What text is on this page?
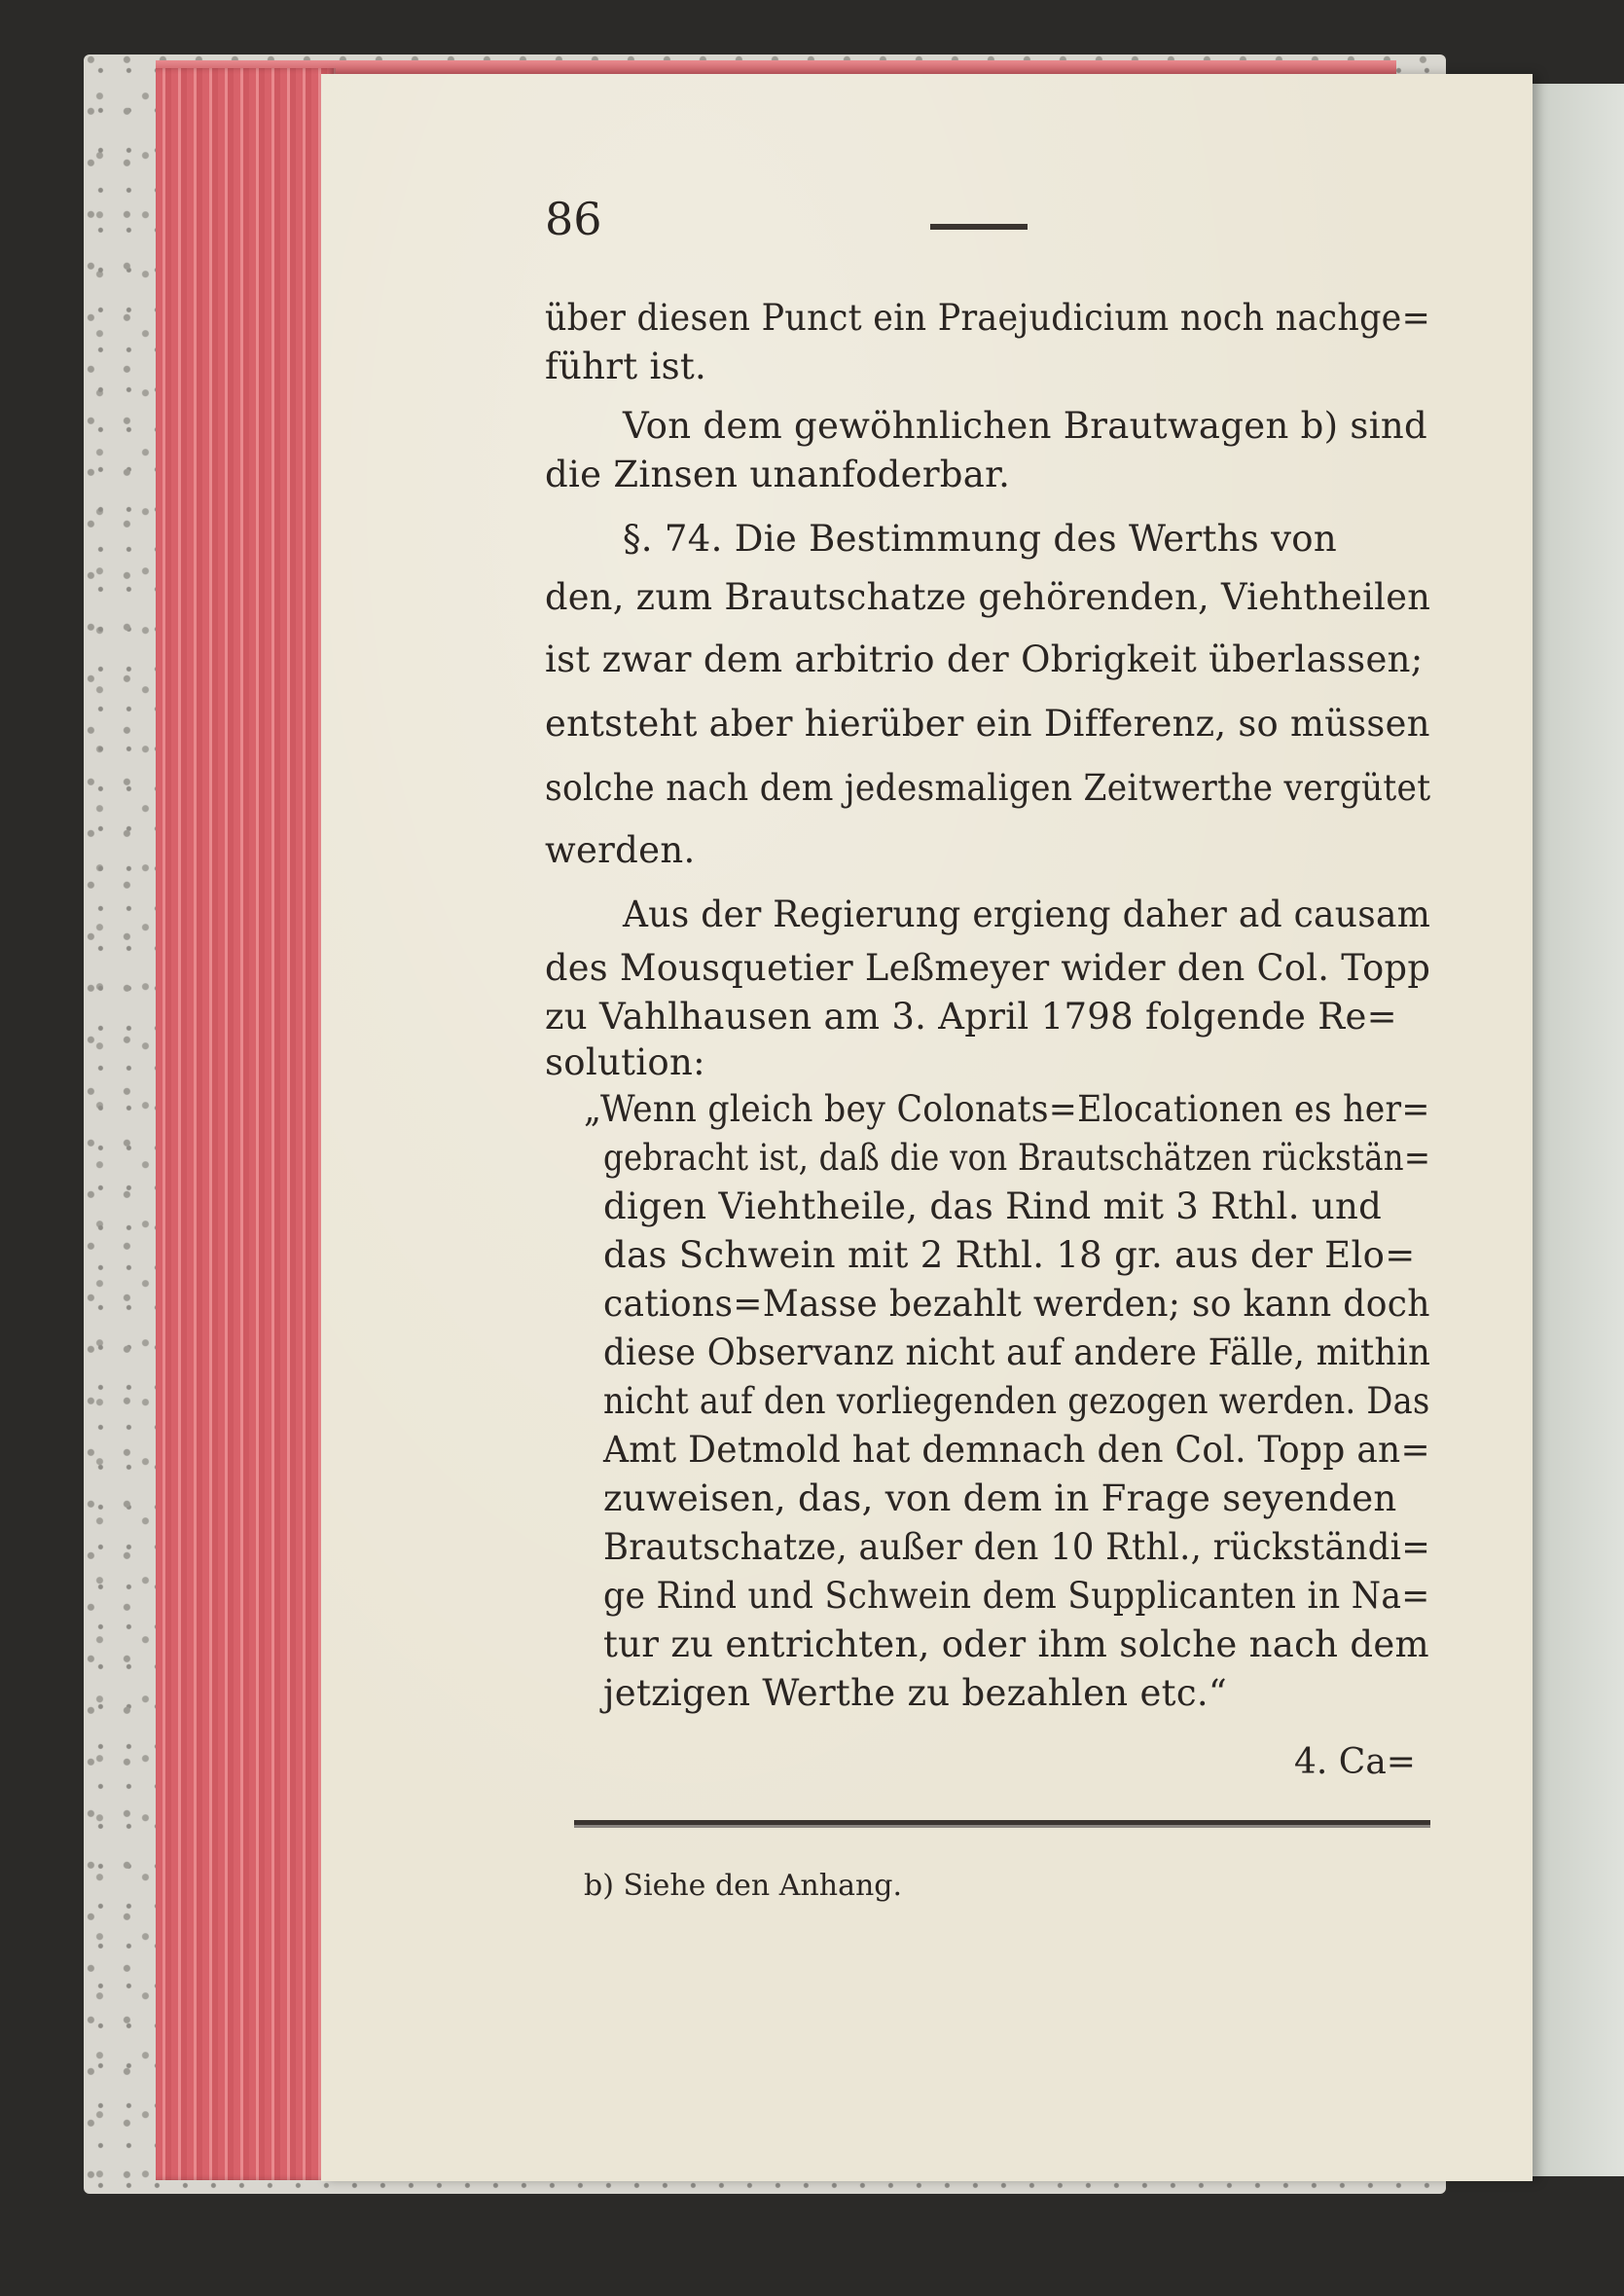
86
über diesen Punct ein Praejudicium noch nachge=
führt ist.
Von dem gewöhnlichen Brautwagen b) sind
die Zinsen unanfoderbar.
§. 74. Die Bestimmung des Werths von
den, zum Brautschatze gehörenden, Viehtheilen
ist zwar dem arbitrio der Obrigkeit überlassen;
entsteht aber hierüber ein Differenz, so müssen
solche nach dem jedesmaligen Zeitwerthe vergütet
werden.
Aus der Regierung ergieng daher ad causam
des Mousquetier Leßmeyer wider den Col. Topp
zu Vahlhausen am 3. April 1798 folgende Re=
solution:
„Wenn gleich bey Colonats=Elocationen es her=
gebracht ist, daß die von Brautschätzen rückstän=
digen Viehtheile, das Rind mit 3 Rthl. und
das Schwein mit 2 Rthl. 18 gr. aus der Elo=
cations=Masse bezahlt werden; so kann doch
diese Observanz nicht auf andere Fälle, mithin
nicht auf den vorliegenden gezogen werden. Das
Amt Detmold hat demnach den Col. Topp an=
zuweisen, das, von dem in Frage seyenden
Brautschatze, außer den 10 Rthl., rückständi=
ge Rind und Schwein dem Supplicanten in Na=
tur zu entrichten, oder ihm solche nach dem
jetzigen Werthe zu bezahlen etc.“
4. Ca=
b) Siehe den Anhang.
